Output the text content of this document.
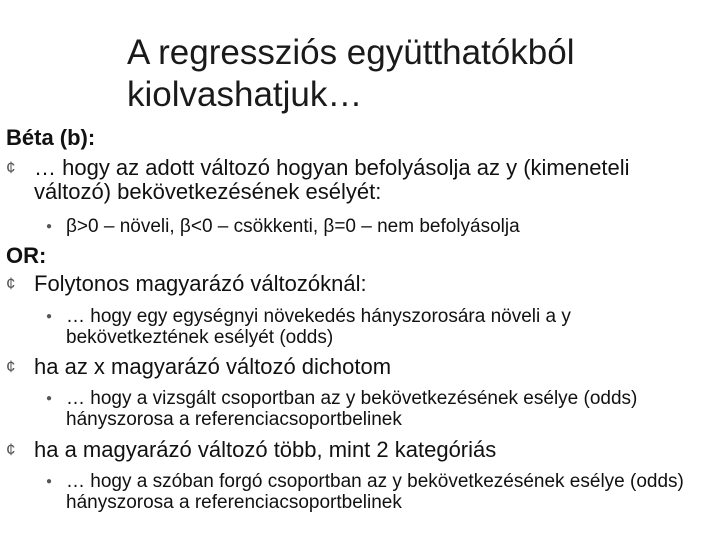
A regressziós együtthatókból kiolvashatjuk…
Béta (b):
¢ … hogy az adott változó hogyan befolyásolja az y (kimeneteli változó) bekövetkezésének esélyét:
● β>0 – növeli, β<0 – csökkenti, β=0 – nem befolyásolja
OR:
¢ Folytonos magyarázó változóknál:
● … hogy egy egységnyi növekedés hányszorosára növeli a y bekövetkeztének esélyét (odds)
¢ ha az x magyarázó változó dichotom
● … hogy a vizsgált csoportban az y bekövetkezésének esélye (odds) hányszorosa a referenciacsoportbelinek
¢ ha a magyarázó változó több, mint 2 kategóriás
● … hogy a szóban forgó csoportban az y bekövetkezésének esélye (odds) hányszorosa a referenciacsoportbelinek
